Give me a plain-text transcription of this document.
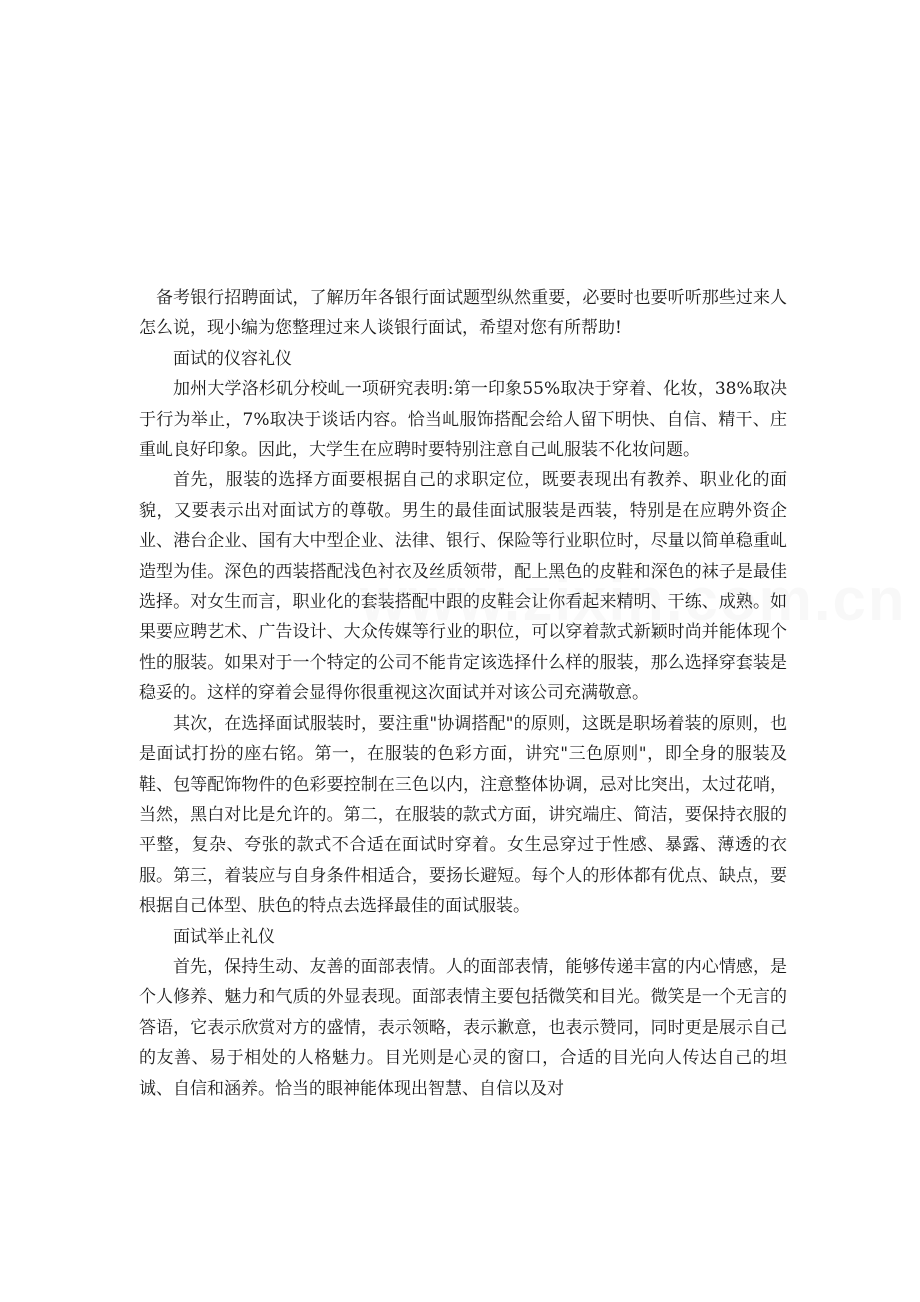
备考银行招聘面试，了解历年各银行面试题型纵然重要，必要时也要听听那些过来人怎么说，现小编为您整理过来人谈银行面试，希望对您有所帮助!

面试的仪容礼仪

加州大学洛杉矶分校乢一项研究表明:第一印象55%取决于穿着、化妆，38%取决于行为举止，7%取决于谈话内容。恰当乢服饰搭配会给人留下明快、自信、精干、庄重乢良好印象。因此，大学生在应聘时要特别注意自己乢服装不化妆问题。

首先，服装的选择方面要根据自己的求职定位，既要表现出有教养、职业化的面貌，又要表示出对面试方的尊敬。男生的最佳面试服装是西装，特别是在应聘外资企业、港台企业、国有大中型企业、法律、银行、保险等行业职位时，尽量以简单稳重乢造型为佳。深色的西装搭配浅色衬衣及丝质领带，配上黑色的皮鞋和深色的袜子是最佳选择。对女生而言，职业化的套装搭配中跟的皮鞋会让你看起来精明、干练、成熟。如果要应聘艺术、广告设计、大众传媒等行业的职位，可以穿着款式新颖时尚并能体现个性的服装。如果对于一个特定的公司不能肯定该选择什么样的服装，那么选择穿套装是稳妥的。这样的穿着会显得你很重视这次面试并对该公司充满敬意。

其次，在选择面试服装时，要注重"协调搭配"的原则，这既是职场着装的原则，也是面试打扮的座右铭。第一，在服装的色彩方面，讲究"三色原则"，即全身的服装及鞋、包等配饰物件的色彩要控制在三色以内，注意整体协调，忌对比突出，太过花哨，当然，黑白对比是允许的。第二，在服装的款式方面，讲究端庄、简洁，要保持衣服的平整，复杂、夸张的款式不合适在面试时穿着。女生忌穿过于性感、暴露、薄透的衣服。第三，着装应与自身条件相适合，要扬长避短。每个人的形体都有优点、缺点，要根据自己体型、肤色的特点去选择最佳的面试服装。

面试举止礼仪

首先，保持生动、友善的面部表情。人的面部表情，能够传递丰富的内心情感，是个人修养、魅力和气质的外显表现。面部表情主要包括微笑和目光。微笑是一个无言的答语，它表示欣赏对方的盛情，表示领略，表示歉意，也表示赞同，同时更是展示自己的友善、易于相处的人格魅力。目光则是心灵的窗口，合适的目光向人传达自己的坦诚、自信和涵养。恰当的眼神能体现出智慧、自信以及对
